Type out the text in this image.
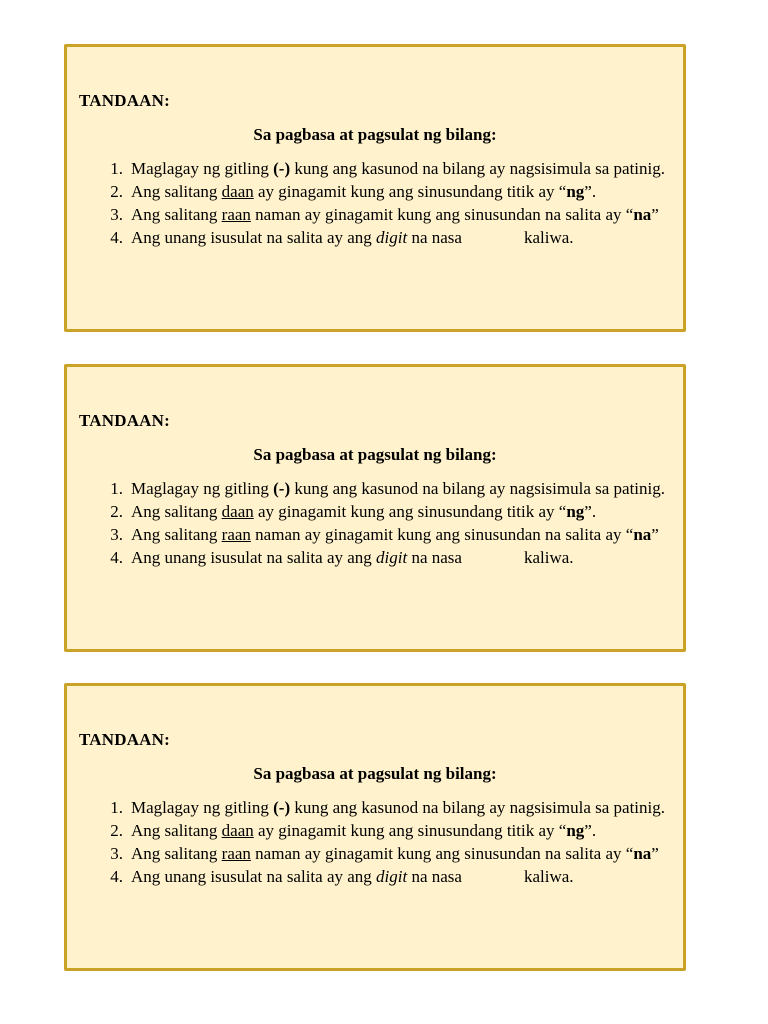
TANDAAN:
Sa pagbasa at pagsulat ng bilang:
1. Maglagay ng gitling (-) kung ang kasunod na bilang ay nagsisimula sa patinig.
2. Ang salitang daan ay ginagamit kung ang sinusundang titik ay “ng”.
3. Ang salitang raan naman ay ginagamit kung ang sinusundan na salita ay “na”
4. Ang unang isusulat na salita ay ang digit na nasa	kaliwa.
TANDAAN:
Sa pagbasa at pagsulat ng bilang:
1. Maglagay ng gitling (-) kung ang kasunod na bilang ay nagsisimula sa patinig.
2. Ang salitang daan ay ginagamit kung ang sinusundang titik ay “ng”.
3. Ang salitang raan naman ay ginagamit kung ang sinusundan na salita ay “na”
4. Ang unang isusulat na salita ay ang digit na nasa	kaliwa.
TANDAAN:
Sa pagbasa at pagsulat ng bilang:
1. Maglagay ng gitling (-) kung ang kasunod na bilang ay nagsisimula sa patinig.
2. Ang salitang daan ay ginagamit kung ang sinusundang titik ay “ng”.
3. Ang salitang raan naman ay ginagamit kung ang sinusundan na salita ay “na”
4. Ang unang isusulat na salita ay ang digit na nasa	kaliwa.
